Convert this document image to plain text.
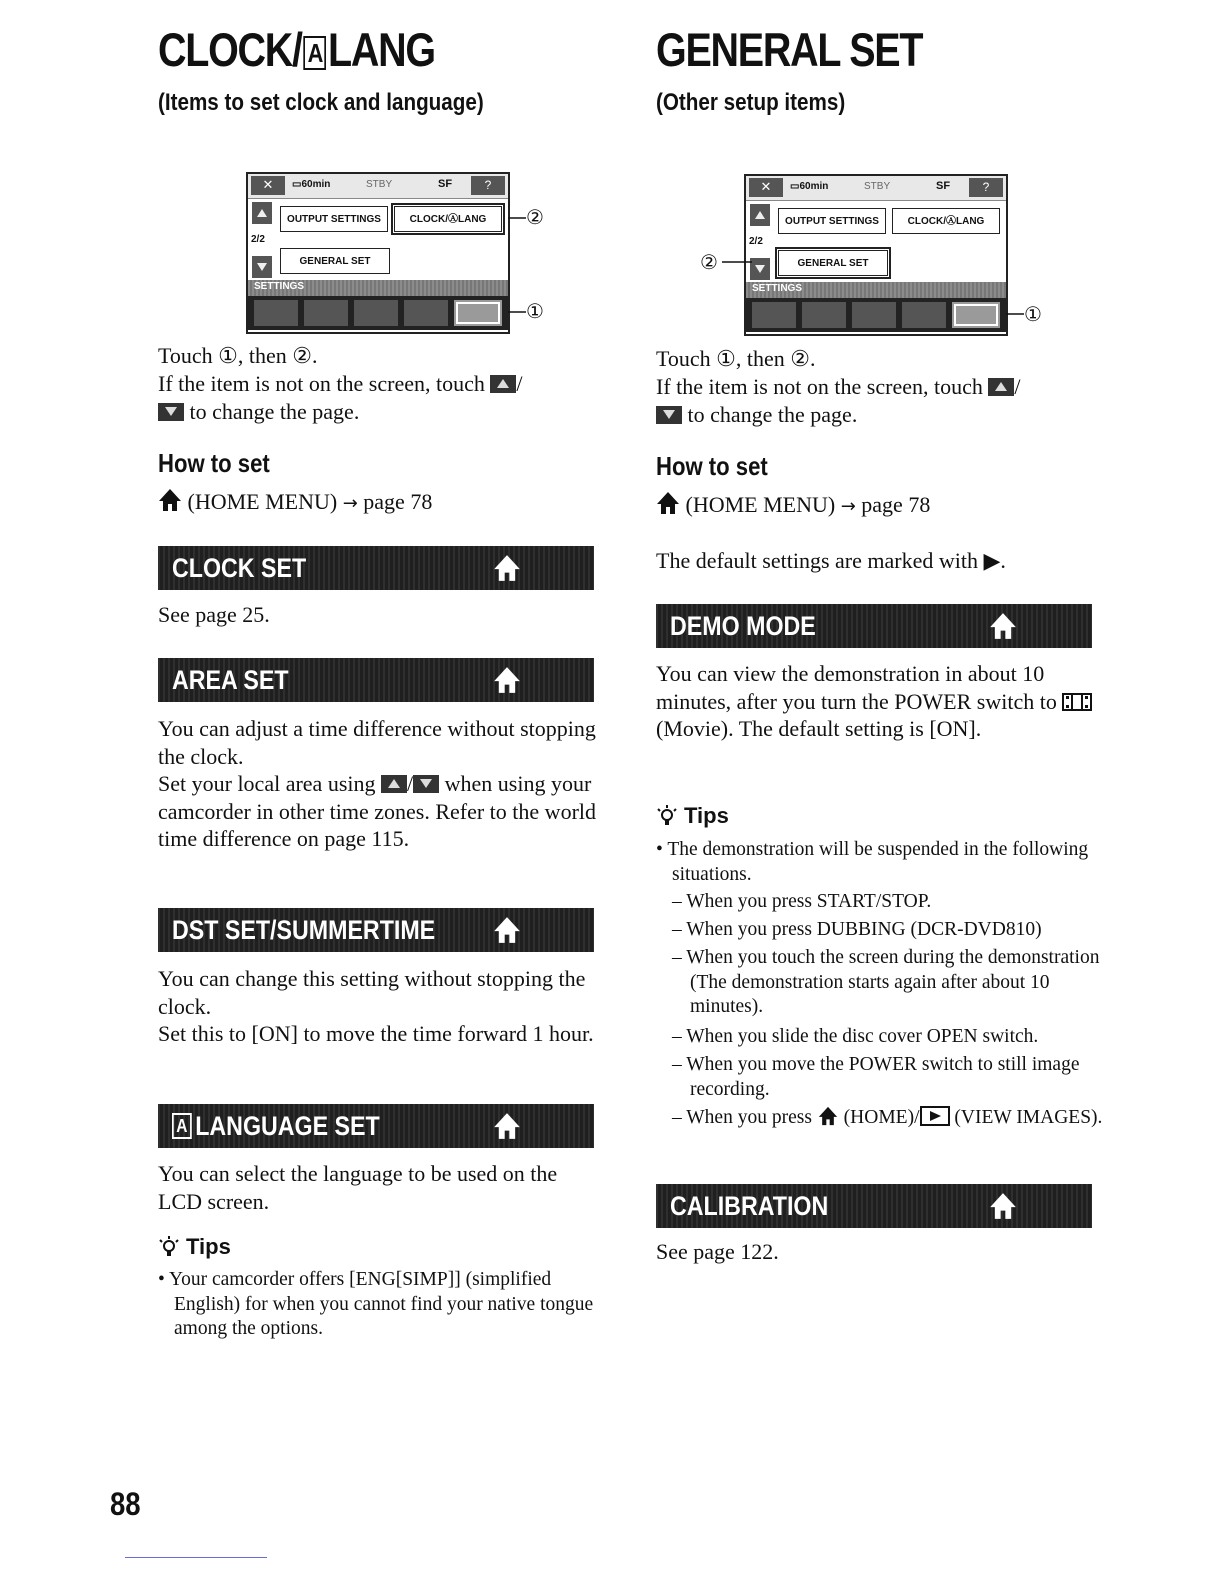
CLOCK/ A LANG
(Items to set clock and language)
✕	▭60min	STBY	SF	?
2/2
OUTPUT SETTINGS	CLOCK/ⒶLANG
GENERAL SET
SETTINGS
②
①

Touch ①, then ②.

If the item is not on the screen, touch /
to change the page.

How to set

(HOME MENU) → page 78

CLOCK SET

See page 25.

AREA SET

You can adjust a time difference without stopping the clock.
Set your local area using / when using your camcorder in other time zones. Refer to the world time difference on page 115.

DST SET/SUMMERTIME

You can change this setting without stopping the clock.
Set this to [ON] to move the time forward 1 hour.

A LANGUAGE SET

You can select the language to be used on the LCD screen.

Tips
• Your camcorder offers [ENG[SIMP]] (simplified English) for when you cannot find your native tongue among the options.
GENERAL SET
(Other setup items)
✕	▭60min	STBY	SF	?
2/2
OUTPUT SETTINGS	CLOCK/ⒶLANG
GENERAL SET
SETTINGS
②
①

Touch ①, then ②.

If the item is not on the screen, touch /
to change the page.

How to set

(HOME MENU) → page 78

The default settings are marked with ▶.

DEMO MODE

You can view the demonstration in about 10 minutes, after you turn the POWER switch to  (Movie). The default setting is [ON].

Tips
• The demonstration will be suspended in the following situations.
– When you press START/STOP.
– When you press DUBBING (DCR-DVD810)
– When you touch the screen during the demonstration (The demonstration starts again after about 10 minutes).
– When you slide the disc cover OPEN switch.
– When you move the POWER switch to still image recording.
– When you press (HOME)/ (VIEW IMAGES).
CALIBRATION

See page 122.

88
